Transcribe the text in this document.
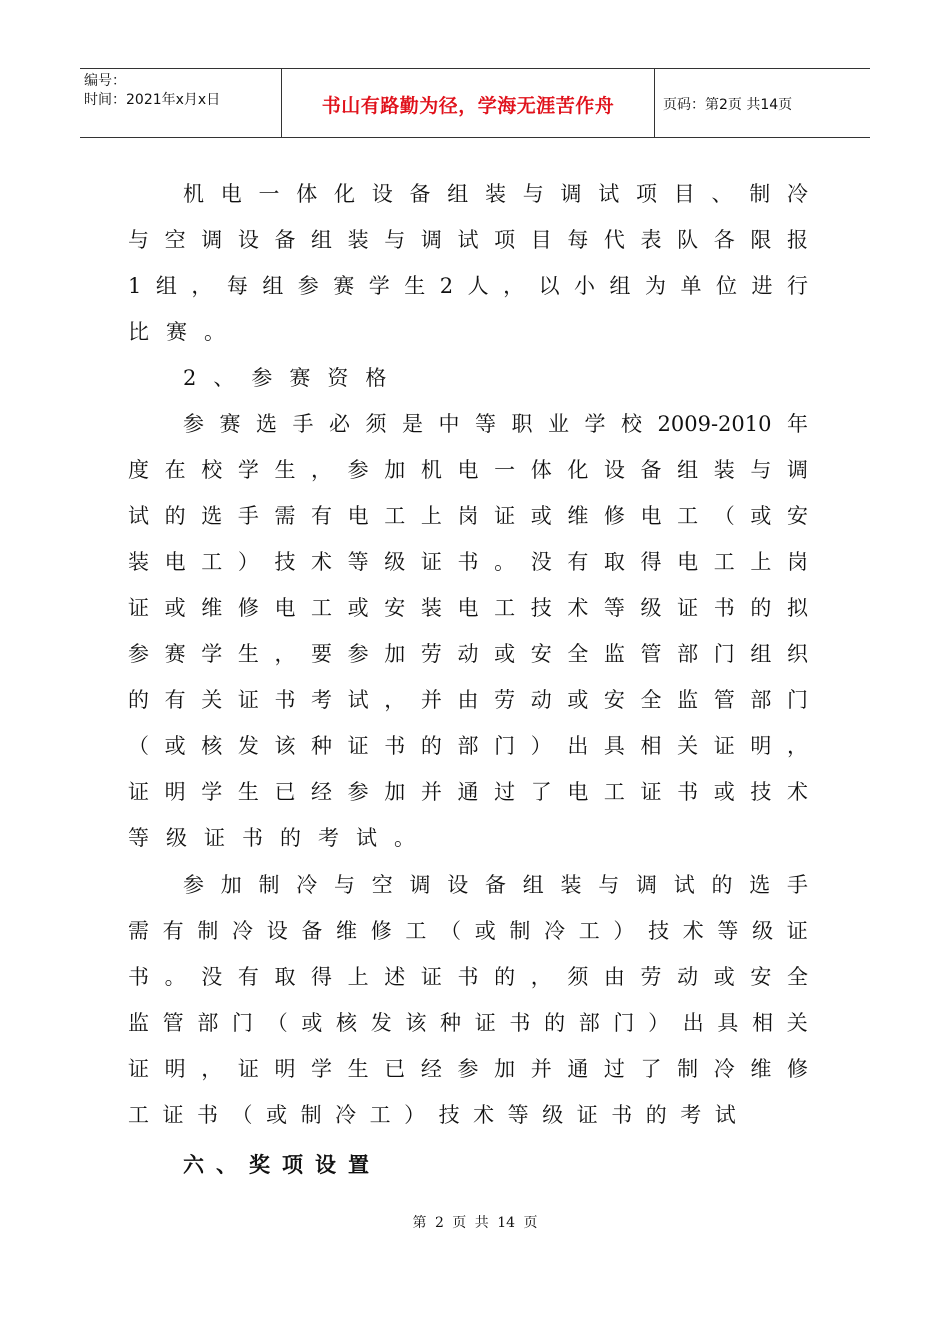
编号：
时间：2021年x月x日	书山有路勤为径，学海无涯苦作舟	页码：第2页 共14页
机 电 一 体 化 设 备 组 装 与 调 试 项 目 、 制 冷
与 空 调 设 备 组 装 与 调 试 项 目 每 代 表 队 各 限 报
1 组 ， 每 组 参 赛 学 生 2 人 ， 以 小 组 为 单 位 进 行
比赛。
2、参赛资格
参 赛 选 手 必 须 是 中 等 职 业 学 校 2009-2010 年
度 在 校 学 生 ， 参 加 机 电 一 体 化 设 备 组 装 与 调
试 的 选 手 需 有 电 工 上 岗 证 或 维 修 电 工 （ 或 安
装 电 工 ） 技 术 等 级 证 书 。 没 有 取 得 电 工 上 岗
证 或 维 修 电 工 或 安 装 电 工 技 术 等 级 证 书 的 拟
参 赛 学 生 ， 要 参 加 劳 动 或 安 全 监 管 部 门 组 织
的 有 关 证 书 考 试 ， 并 由 劳 动 或 安 全 监 管 部 门
（ 或 核 发 该 种 证 书 的 部 门 ） 出 具 相 关 证 明 ，
证 明 学 生 已 经 参 加 并 通 过 了 电 工 证 书 或 技 术
等级证书的考试。
参 加 制 冷 与 空 调 设 备 组 装 与 调 试 的 选 手
需 有 制 冷 设 备 维 修 工 （ 或 制 冷 工 ） 技 术 等 级 证
书 。 没 有 取 得 上 述 证 书 的 ， 须 由 劳 动 或 安 全
监 管 部 门 （ 或 核 发 该 种 证 书 的 部 门 ） 出 具 相 关
证 明 ， 证 明 学 生 已 经 参 加 并 通 过 了 制 冷 维 修
工 证 书 （ 或 制 冷 工 ） 技 术 等 级 证 书 的 考 试
六、奖项设置
第 2 页 共 14 页
